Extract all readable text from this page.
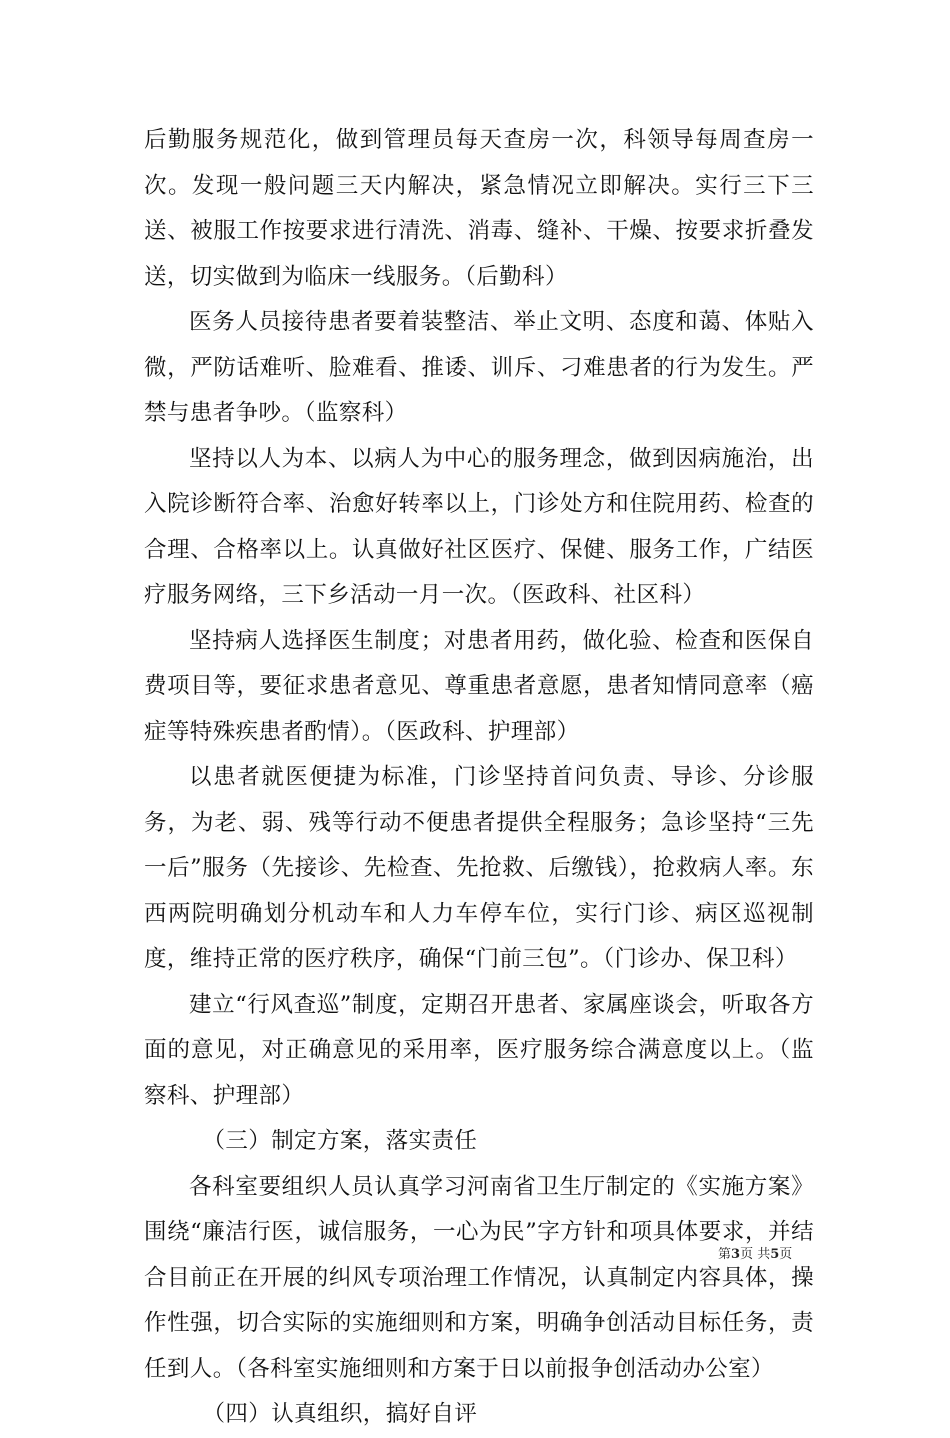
后勤服务规范化，做到管理员每天查房一次，科领导每周查房一次。发现一般问题三天内解决，紧急情况立即解决。实行三下三送、被服工作按要求进行清洗、消毒、缝补、干燥、按要求折叠发送，切实做到为临床一线服务。（后勤科）

医务人员接待患者要着装整洁、举止文明、态度和蔼、体贴入微，严防话难听、脸难看、推诿、训斥、刁难患者的行为发生。严禁与患者争吵。（监察科）

坚持以人为本、以病人为中心的服务理念，做到因病施治，出入院诊断符合率、治愈好转率以上，门诊处方和住院用药、检查的合理、合格率以上。认真做好社区医疗、保健、服务工作，广结医疗服务网络，三下乡活动一月一次。（医政科、社区科）

坚持病人选择医生制度；对患者用药，做化验、检查和医保自费项目等，要征求患者意见、尊重患者意愿，患者知情同意率（癌症等特殊疾患者酌情）。（医政科、护理部）

以患者就医便捷为标准，门诊坚持首问负责、导诊、分诊服务，为老、弱、残等行动不便患者提供全程服务；急诊坚持“三先一后”服务（先接诊、先检查、先抢救、后缴钱），抢救病人率。东西两院明确划分机动车和人力车停车位，实行门诊、病区巡视制度，维持正常的医疗秩序，确保“门前三包”。（门诊办、保卫科）

建立“行风查巡”制度，定期召开患者、家属座谈会，听取各方面的意见，对正确意见的采用率，医疗服务综合满意度以上。（监察科、护理部）

（三）制定方案，落实责任

各科室要组织人员认真学习河南省卫生厅制定的《实施方案》围绕“廉洁行医，诚信服务，一心为民”字方针和项具体要求，并结合目前正在开展的纠风专项治理工作情况，认真制定内容具体，操作性强，切合实际的实施细则和方案，明确争创活动目标任务，责任到人。（各科室实施细则和方案于日以前报争创活动办公室）

（四）认真组织，搞好自评

第3页 共5页
